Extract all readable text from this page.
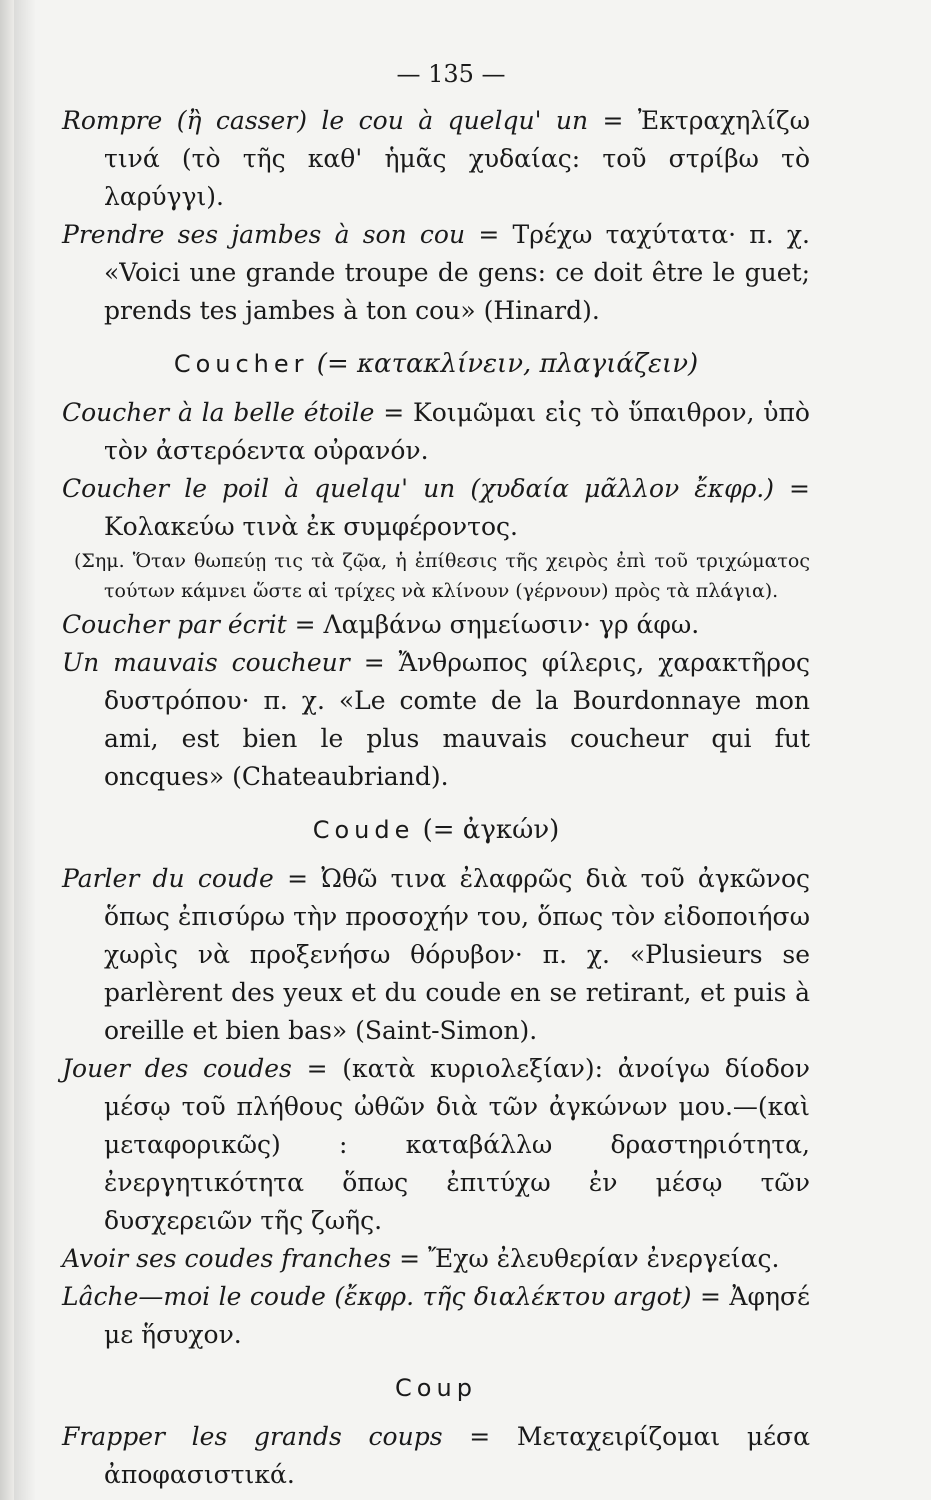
— 135 —

Rompre (ἢ casser) le cou à quelqu' un = Ἐκτραχηλίζω τινά (τὸ τῆς καθ' ἡμᾶς χυδαίας: τοῦ στρίβω τὸ λαρύγγι).

Prendre ses jambes à son cou = Τρέχω ταχύτατα· π. χ. «Voici une grande troupe de gens: ce doit être le guet; prends tes jambes à ton cou» (Hinard).

Coucher (= κατακλίνειν, πλαγιάζειν)

Coucher à la belle étoile = Κοιμῶμαι εἰς τὸ ὕπαιθρον, ὑπὸ τὸν ἀστερόεντα οὐρανόν.

Coucher le poil à quelqu' un (χυδαία μᾶλλον ἔκφρ.) = Κολακεύω τινὰ ἐκ συμφέροντος.

(Σημ. Ὅταν θωπεύῃ τις τὰ ζῷα, ἡ ἐπίθεσις τῆς χειρὸς ἐπὶ τοῦ τριχώματος τούτων κάμνει ὥστε αἱ τρίχες νὰ κλίνουν (γέρνουν) πρὸς τὰ πλάγια).

Coucher par écrit = Λαμβάνω σημείωσιν· γρ άφω.

Un mauvais coucheur = Ἄνθρωπος φίλερις, χαρακτῆρος δυστρόπου· π. χ. «Le comte de la Bourdonnaye mon ami, est bien le plus mauvais coucheur qui fut oncques» (Chateaubriand).

Coude (= ἀγκών)

Parler du coude = Ὠθῶ τινα ἐλαφρῶς διὰ τοῦ ἀγκῶνος ὅπως ἐπισύρω τὴν προσοχήν του, ὅπως τὸν εἰδοποιήσω χωρὶς νὰ προξενήσω θόρυβον· π. χ. «Plusieurs se parlèrent des yeux et du coude en se retirant, et puis à oreille et bien bas» (Saint-Simon).

Jouer des coudes = (κατὰ κυριολεξίαν): ἀνοίγω δίοδον μέσῳ τοῦ πλήθους ὠθῶν διὰ τῶν ἀγκώνων μου.—(καὶ μεταφορικῶς) : καταβάλλω δραστηριότητα, ἐνεργητικότητα ὅπως ἐπιτύχω ἐν μέσῳ τῶν δυσχερειῶν τῆς ζωῆς.

Avoir ses coudes franches = Ἔχω ἐλευθερίαν ἐνεργείας.

Lâche—moi le coude (ἔκφρ. τῆς διαλέκτου argot) = Ἀφησέ με ἥσυχον.

Coup

Frapper les grands coups = Μεταχειρίζομαι μέσα ἀποφασιστικά.
